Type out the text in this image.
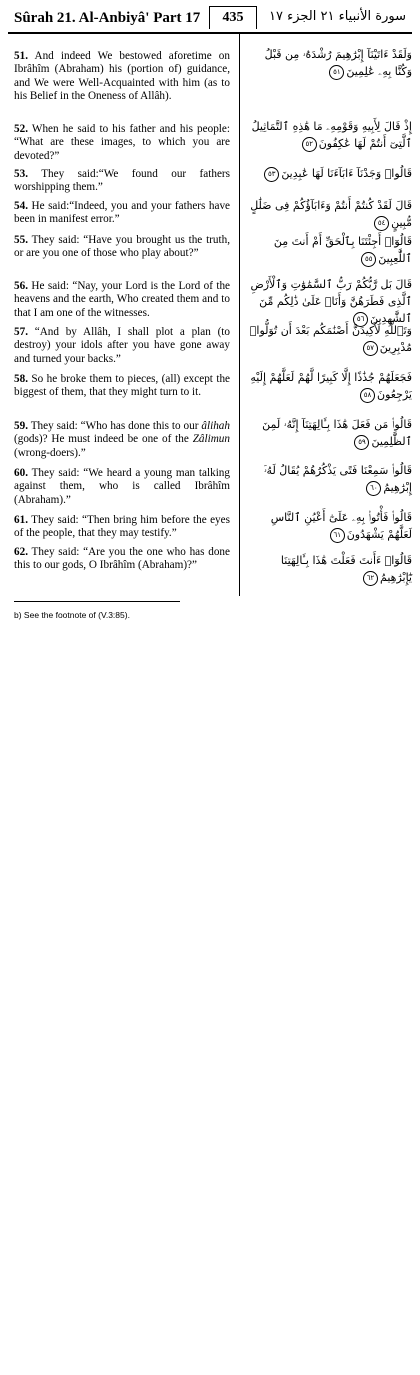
Sûrah 21. Al-Anbiyâ' Part 17	435	سورة الأنبياء ٢١ الجزء ١٧
51. And indeed We bestowed aforetime on Ibrâhîm (Abraham) his (portion of) guidance, and We were Well-Acquainted with him (as to his Belief in the Oneness of Allâh).
52. When he said to his father and his people: “What are these images, to which you are devoted?”
53. They said:“We found our fathers worshipping them.”
54. He said:“Indeed, you and your fathers have been in manifest error.”
55. They said: “Have you brought us the truth, or are you one of those who play about?”
56. He said: “Nay, your Lord is the Lord of the heavens and the earth, Who created them and to that I am one of the witnesses.
57. “And by Allâh, I shall plot a plan (to destroy) your idols after you have gone away and turned your backs.”
58. So he broke them to pieces, (all) except the biggest of them, that they might turn to it.
59. They said: “Who has done this to our âlihah (gods)? He must indeed be one of the Zâlimun (wrong-doers).”
60. They said: “We heard a young man talking against them, who is called Ibrâhîm (Abraham).”
61. They said: “Then bring him before the eyes of the people, that they may testify.”
62. They said: “Are you the one who has done this to our gods, O Ibrâhîm (Abraham)?”
وَلَقَدْ ءَاتَيْنَآ إِبْرَٰهِيمَ رُشْدَهُۥ مِن قَبْلُ وَكُنَّا بِهِۦ عَٰلِمِينَ٥١
إِذْ قَالَ لِأَبِيهِ وَقَوْمِهِۦ مَا هَٰذِهِ ٱلتَّمَاثِيلُ ٱلَّتِىٓ أَنتُمْ لَهَا عَٰكِفُونَ٥٢
قَالُوا۟ وَجَدْنَآ ءَابَآءَنَا لَهَا عَٰبِدِينَ٥٣
قَالَ لَقَدْ كُنتُمْ أَنتُمْ وَءَابَآؤُكُمْ فِى ضَلَٰلٍ مُّبِينٍ٥٤
قَالُوٓا۟ أَجِئْتَنَا بِٱلْحَقِّ أَمْ أَنتَ مِنَ ٱللَّٰعِبِينَ٥٥
قَالَ بَل رَّبُّكُمْ رَبُّ ٱلسَّمَٰوَٰتِ وَٱلْأَرْضِ ٱلَّذِى فَطَرَهُنَّ وَأَنَا۠ عَلَىٰ ذَٰلِكُم مِّنَ ٱلشَّٰهِدِينَ٥٦
وَتَٱللَّهِ لَأَكِيدَنَّ أَصْنَٰمَكُم بَعْدَ أَن تُوَلُّوا۟ مُدْبِرِينَ٥٧
فَجَعَلَهُمْ جُذَٰذًا إِلَّا كَبِيرًا لَّهُمْ لَعَلَّهُمْ إِلَيْهِ يَرْجِعُونَ٥٨
قَالُوا۟ مَن فَعَلَ هَٰذَا بِـَٔالِهَتِنَآ إِنَّهُۥ لَمِنَ ٱلظَّٰلِمِينَ٥٩
قَالُوا۟ سَمِعْنَا فَتًى يَذْكُرُهُمْ يُقَالُ لَهُۥٓ إِبْرَٰهِيمُ٦٠
قَالُوا۟ فَأْتُوا۟ بِهِۦ عَلَىٰٓ أَعْيُنِ ٱلنَّاسِ لَعَلَّهُمْ يَشْهَدُونَ٦١
قَالُوٓا۟ ءَأَنتَ فَعَلْتَ هَٰذَا بِـَٔالِهَتِنَا يَٰٓإِبْرَٰهِيمُ٦٢
b) See the footnote of (V.3:85).
